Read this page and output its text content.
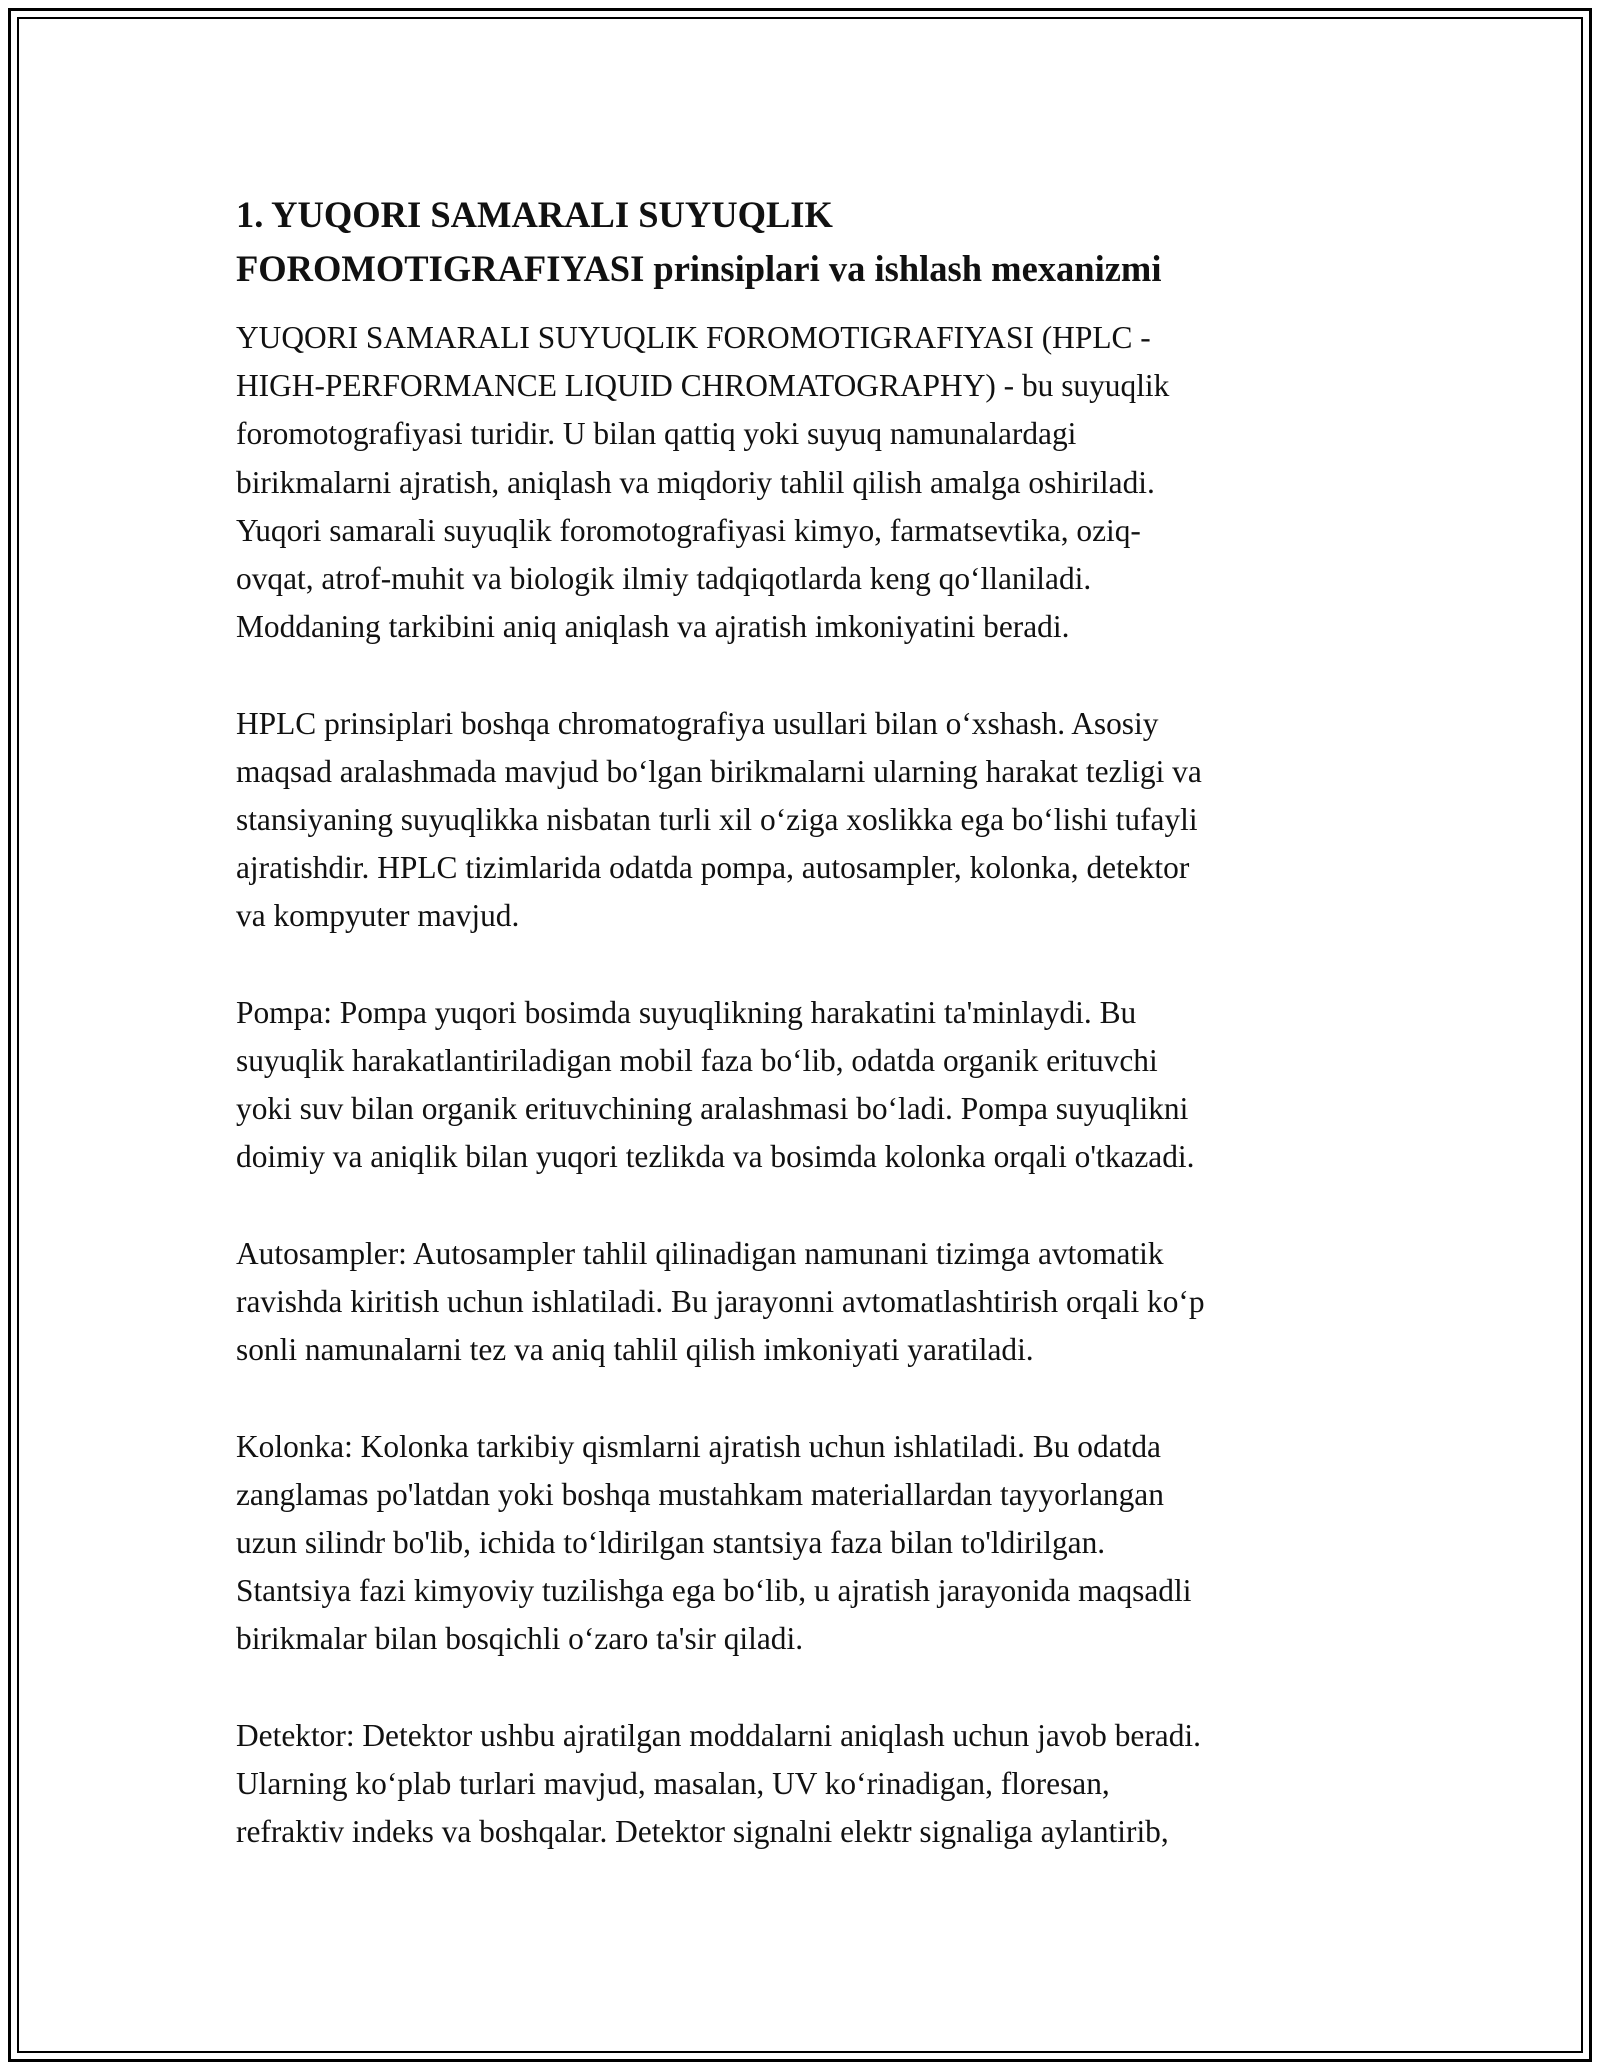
1. YUQORI SAMARALI SUYUQLIK
FOROMOTIGRAFIYASI prinsiplari va ishlash mexanizmi

YUQORI SAMARALI SUYUQLIK FOROMOTIGRAFIYASI (HPLC -
HIGH-PERFORMANCE LIQUID CHROMATOGRAPHY) - bu suyuqlik
foromotografiyasi turidir. U bilan qattiq yoki suyuq namunalardagi
birikmalarni ajratish, aniqlash va miqdoriy tahlil qilish amalga oshiriladi.
Yuqori samarali suyuqlik foromotografiyasi kimyo, farmatsevtika, oziq-
ovqat, atrof-muhit va biologik ilmiy tadqiqotlarda keng qo‘llaniladi.
Moddaning tarkibini aniq aniqlash va ajratish imkoniyatini beradi.

HPLC prinsiplari boshqa chromatografiya usullari bilan o‘xshash. Asosiy
maqsad aralashmada mavjud bo‘lgan birikmalarni ularning harakat tezligi va
stansiyaning suyuqlikka nisbatan turli xil o‘ziga xoslikka ega bo‘lishi tufayli
ajratishdir. HPLC tizimlarida odatda pompa, autosampler, kolonka, detektor
va kompyuter mavjud.

Pompa: Pompa yuqori bosimda suyuqlikning harakatini ta'minlaydi. Bu
suyuqlik harakatlantiriladigan mobil faza bo‘lib, odatda organik erituvchi
yoki suv bilan organik erituvchining aralashmasi bo‘ladi. Pompa suyuqlikni
doimiy va aniqlik bilan yuqori tezlikda va bosimda kolonka orqali o'tkazadi.

Autosampler: Autosampler tahlil qilinadigan namunani tizimga avtomatik
ravishda kiritish uchun ishlatiladi. Bu jarayonni avtomatlashtirish orqali ko‘p
sonli namunalarni tez va aniq tahlil qilish imkoniyati yaratiladi.

Kolonka: Kolonka tarkibiy qismlarni ajratish uchun ishlatiladi. Bu odatda
zanglamas po'latdan yoki boshqa mustahkam materiallardan tayyorlangan
uzun silindr bo'lib, ichida to‘ldirilgan stantsiya faza bilan to'ldirilgan.
Stantsiya fazi kimyoviy tuzilishga ega bo‘lib, u ajratish jarayonida maqsadli
birikmalar bilan bosqichli o‘zaro ta'sir qiladi.

Detektor: Detektor ushbu ajratilgan moddalarni aniqlash uchun javob beradi.
Ularning ko‘plab turlari mavjud, masalan, UV ko‘rinadigan, floresan,
refraktiv indeks va boshqalar. Detektor signalni elektr signaliga aylantirib,
